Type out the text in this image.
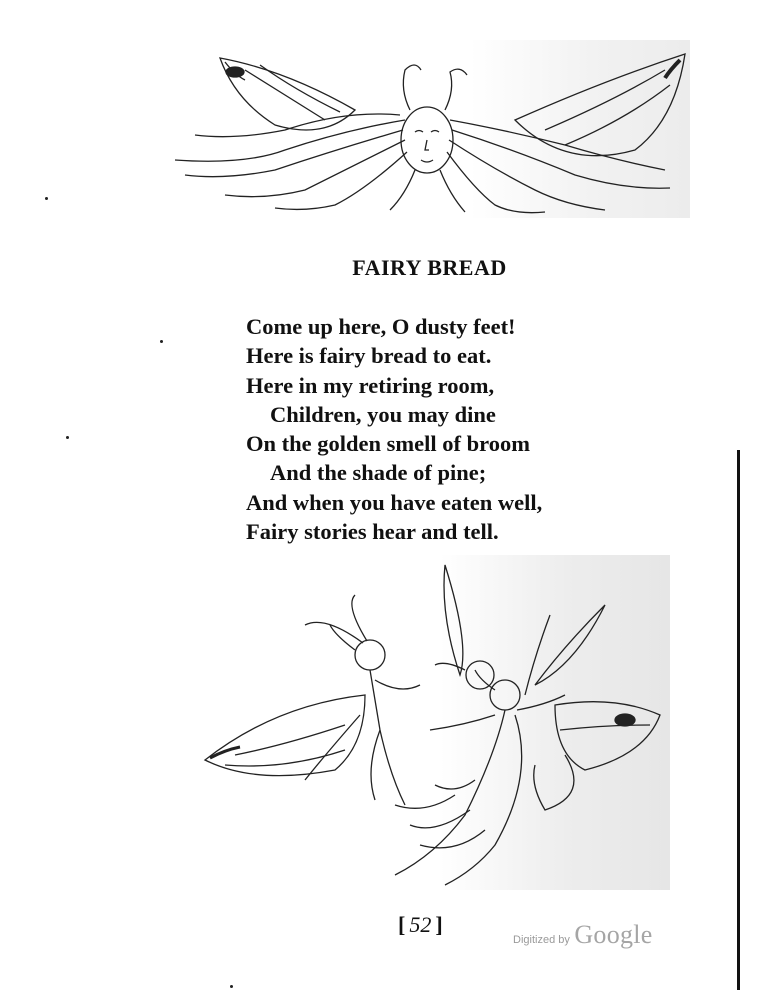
FAIRY BREAD
Come up here, O dusty feet!
Here is fairy bread to eat.
Here in my retiring room,
Children, you may dine
On the golden smell of broom
And the shade of pine;
And when you have eaten well,
Fairy stories hear and tell.
[ 52 ]
Digitized by Google
